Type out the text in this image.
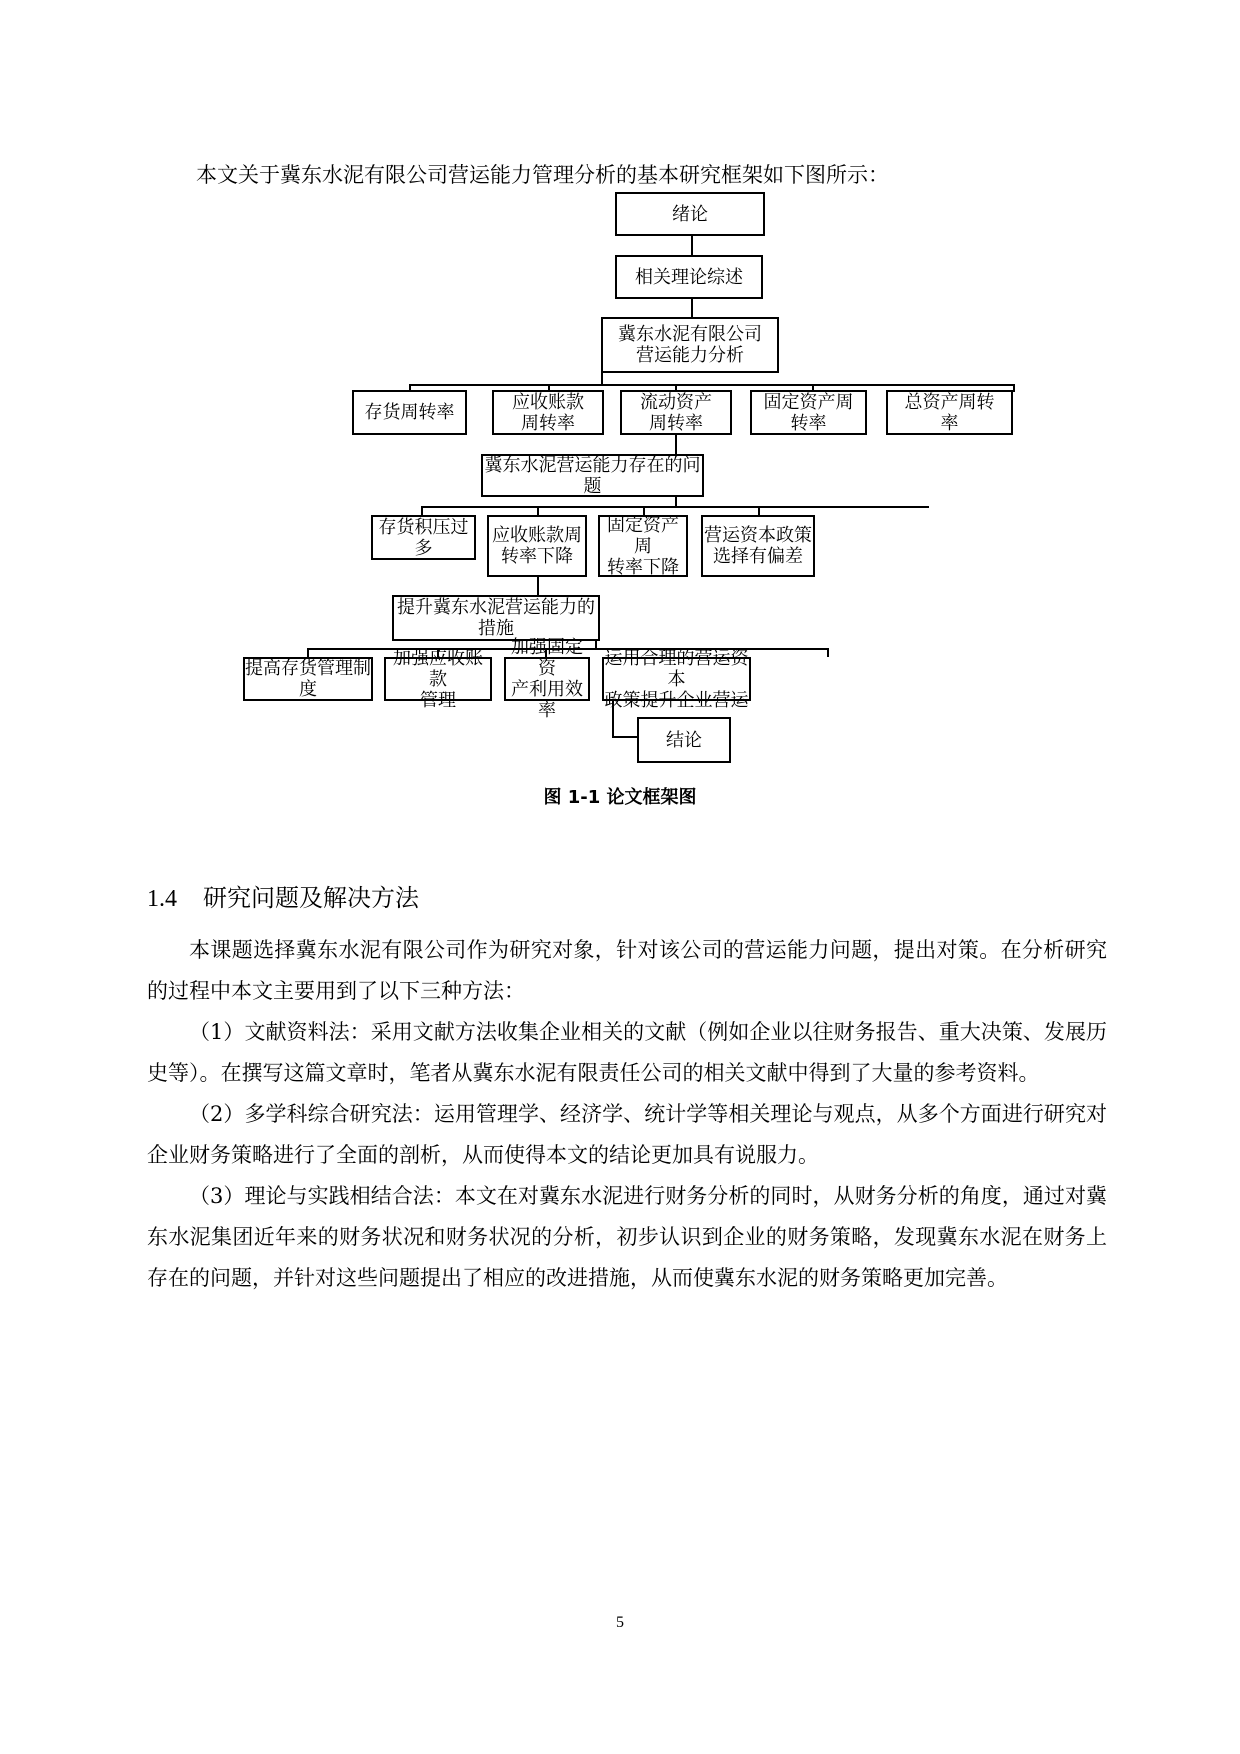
本文关于冀东水泥有限公司营运能力管理分析的基本研究框架如下图所示：
绪论
相关理论综述
冀东水泥有限公司
营运能力分析
存货周转率	应收账款
周转率
流动资产
周转率
固定资产周
转率
总资产周转
率
冀东水泥营运能力存在的问题
存货积压过多
应收账款周
转率下降
固定资产周
转率下降
营运资本政策
选择有偏差
提升冀东水泥营运能力的措施
提高存货管理制度
加强应收账款
管理
加强固定资
产利用效率
运用合理的营运资本
政策提升企业营运
结论
图 1-1 论文框架图
1.4 研究问题及解决方法

本课题选择冀东水泥有限公司作为研究对象，针对该公司的营运能力问题，提出对策。在分析研究的过程中本文主要用到了以下三种方法：

（1）文献资料法：采用文献方法收集企业相关的文献（例如企业以往财务报告、重大决策、发展历史等）。在撰写这篇文章时，笔者从冀东水泥有限责任公司的相关文献中得到了大量的参考资料。

（2）多学科综合研究法：运用管理学、经济学、统计学等相关理论与观点，从多个方面进行研究对企业财务策略进行了全面的剖析，从而使得本文的结论更加具有说服力。

（3）理论与实践相结合法：本文在对冀东水泥进行财务分析的同时，从财务分析的角度，通过对冀东水泥集团近年来的财务状况和财务状况的分析，初步认识到企业的财务策略，发现冀东水泥在财务上存在的问题，并针对这些问题提出了相应的改进措施，从而使冀东水泥的财务策略更加完善。

5
